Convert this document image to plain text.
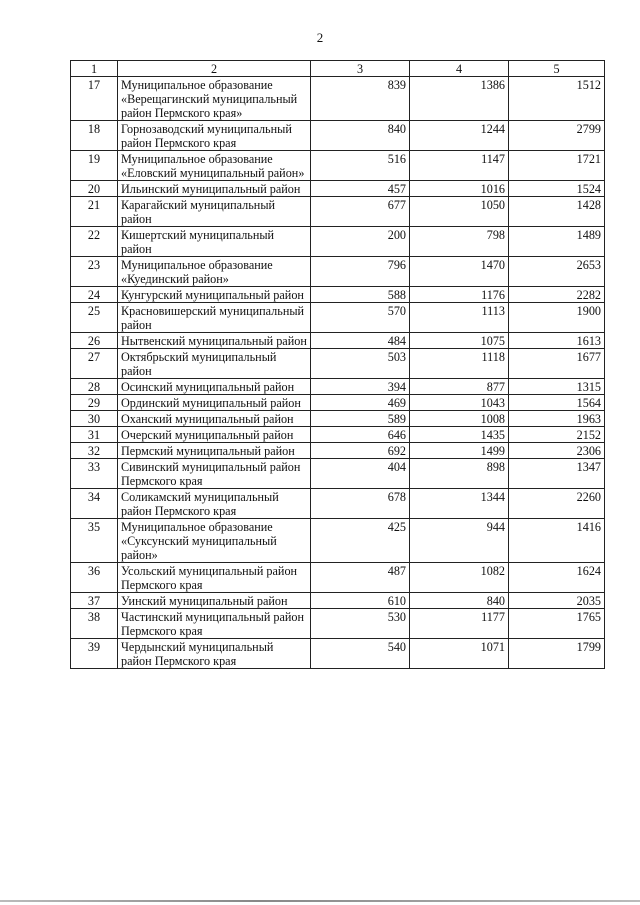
2
1	2	3	4	5
17	Муниципальное образование «Верещагинский муниципальный район Пермского края»	839	1386	1512
18	Горнозаводский муниципальный район Пермского края	840	1244	2799
19	Муниципальное образование «Еловский муниципальный район»	516	1147	1721
20	Ильинский муниципальный район	457	1016	1524
21	Карагайский муниципальный район	677	1050	1428
22	Кишертский муниципальный район	200	798	1489
23	Муниципальное образование «Куединский район»	796	1470	2653
24	Кунгурский муниципальный район	588	1176	2282
25	Красновишерский муниципальный район	570	1113	1900
26	Нытвенский муниципальный район	484	1075	1613
27	Октябрьский муниципальный район	503	1118	1677
28	Осинский муниципальный район	394	877	1315
29	Ординский муниципальный район	469	1043	1564
30	Оханский муниципальный район	589	1008	1963
31	Очерский муниципальный район	646	1435	2152
32	Пермский муниципальный район	692	1499	2306
33	Сивинский муниципальный район Пермского края	404	898	1347
34	Соликамский муниципальный район Пермского края	678	1344	2260
35	Муниципальное образование «Суксунский муниципальный район»	425	944	1416
36	Усольский муниципальный район Пермского края	487	1082	1624
37	Уинский муниципальный район	610	840	2035
38	Частинский муниципальный район Пермского края	530	1177	1765
39	Чердынский муниципальный район Пермского края	540	1071	1799
